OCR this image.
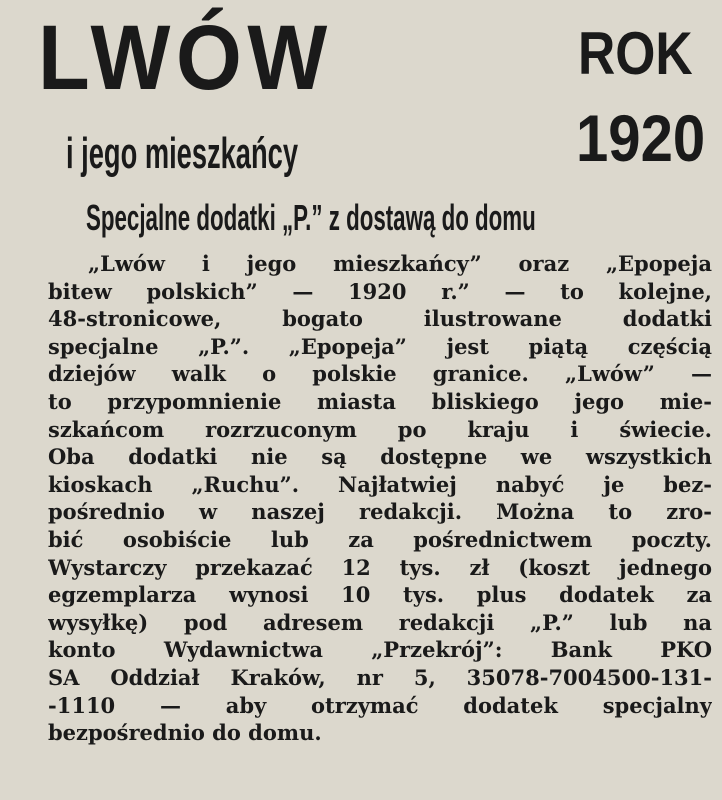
LWÓW
i jego mieszkańcy
ROK
1920
Specjalne dodatki „P.” z dostawą do domu
„Lwów i jego mieszkańcy” oraz „Epopeja
bitew polskich” — 1920 r.” — to kolejne,
48-stronicowe, bogato ilustrowane dodatki
specjalne „P.”. „Epopeja” jest piątą częścią
dziejów walk o polskie granice. „Lwów” —
to przypomnienie miasta bliskiego jego mie-
szkańcom rozrzuconym po kraju i świecie.
Oba dodatki nie są dostępne we wszystkich
kioskach „Ruchu”. Najłatwiej nabyć je bez-
pośrednio w naszej redakcji. Można to zro-
bić osobiście lub za pośrednictwem poczty.
Wystarczy przekazać 12 tys. zł (koszt jednego
egzemplarza wynosi 10 tys. plus dodatek za
wysyłkę) pod adresem redakcji „P.” lub na
konto Wydawnictwa „Przekrój”: Bank PKO
SA Oddział Kraków, nr 5, 35078-7004500-131-
-1110 — aby otrzymać dodatek specjalny
bezpośrednio do domu.
